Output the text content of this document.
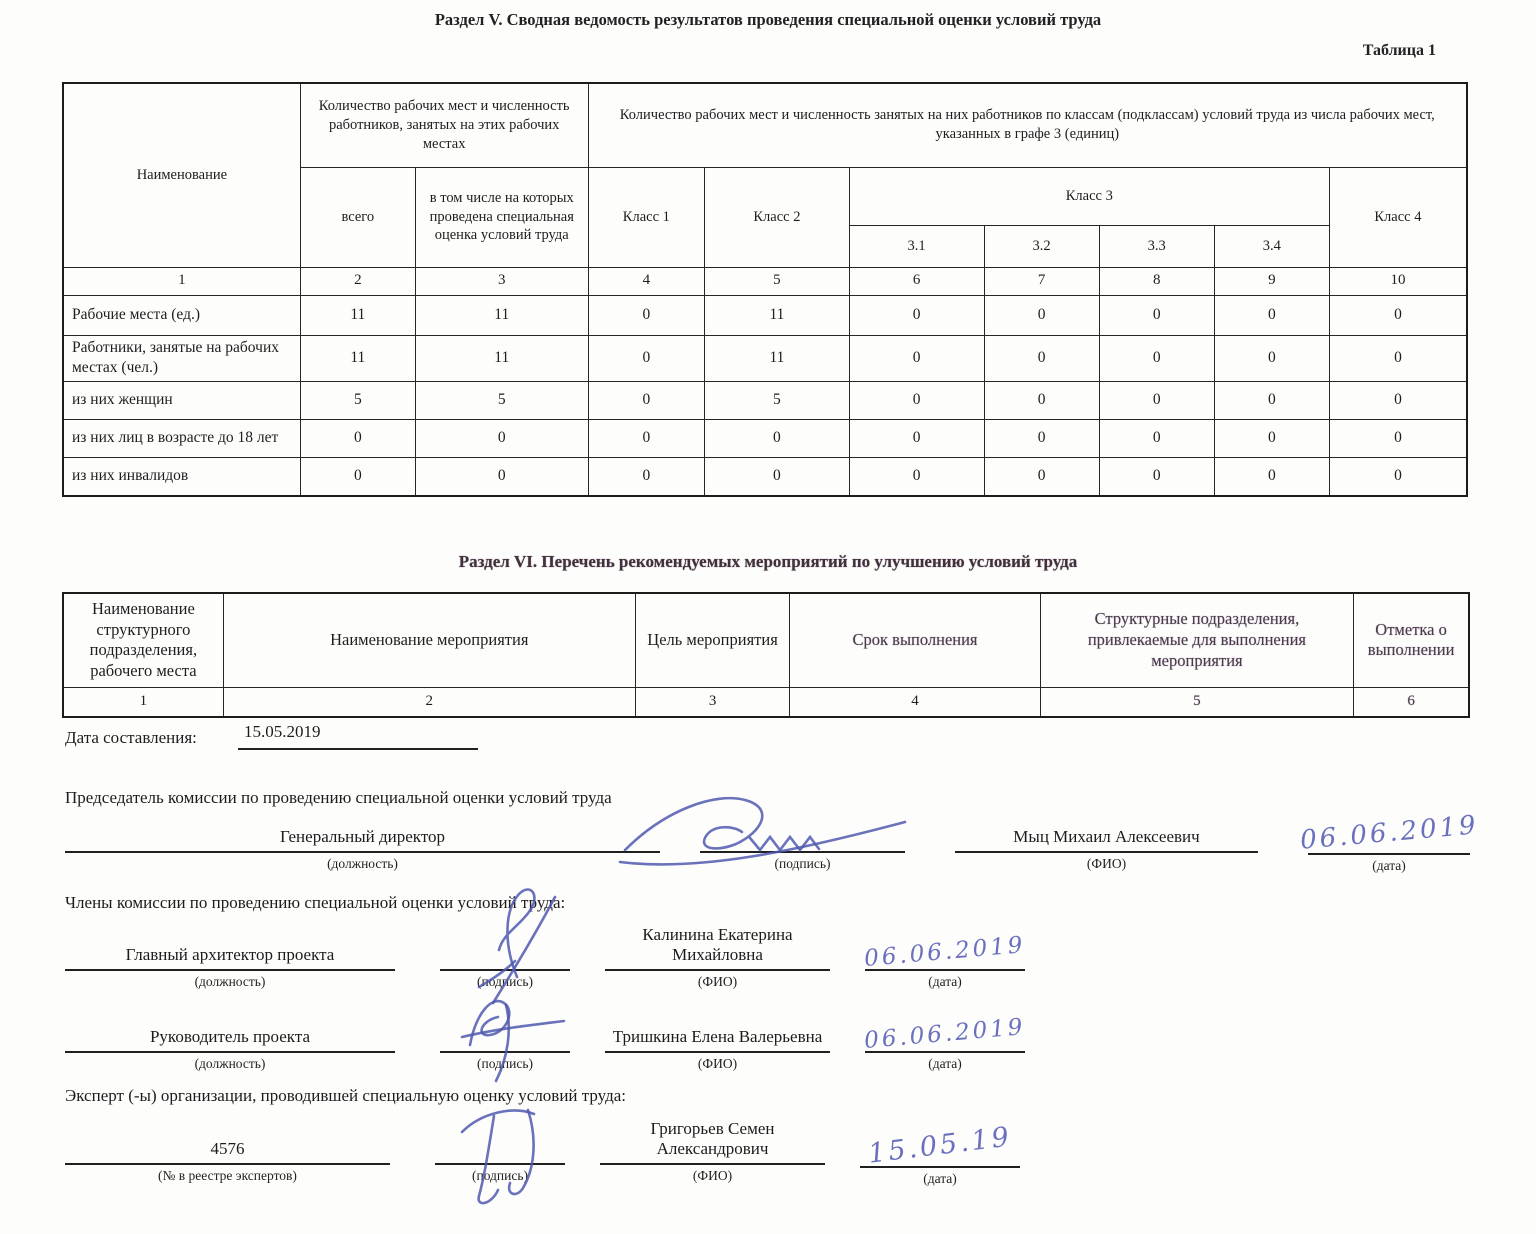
Раздел V. Сводная ведомость результатов проведения специальной оценки условий труда
Таблица 1
Наименование	Количество рабочих мест и численность работников, занятых на этих рабочих местах		Количество рабочих мест и численность занятых на них работников по классам (подклассам) условий труда из числа рабочих мест, указанных в графе 3 (единиц)						
	всего	в том числе на которых проведена специальная оценка условий труда	Класс 1	Класс 2	Класс 3				Класс 4
					3.1	3.2	3.3	3.4	
1	2	3	4	5	6	7	8	9	10
Рабочие места (ед.)	11	11	0	11	0	0	0	0	0
Работники, занятые на рабочих местах (чел.)	11	11	0	11	0	0	0	0	0
из них женщин	5	5	0	5	0	0	0	0	0
из них лиц в возрасте до 18 лет	0	0	0	0	0	0	0	0	0
из них инвалидов	0	0	0	0	0	0	0	0	0
Раздел VI. Перечень рекомендуемых мероприятий по улучшению условий труда
Наименование структурного подразделения, рабочего места	Наименование мероприятия	Цель мероприятия	Срок выполнения	Структурные подразделения, привлекаемые для выполнения мероприятия	Отметка о выполнении
1	2	3	4	5	6
Дата составления:	15.05.2019
Председатель комиссии по проведению специальной оценки условий труда
Генеральный директор
(должность)	(подпись)
Мыц Михаил Алексеевич
(ФИО)
06.06.2019
(дата)
Члены комиссии по проведению специальной оценки условий труда:
Главный архитектор проекта
(должность)	(подпись)
Калинина Екатерина Михайловна
(ФИО)
06.06.2019
(дата)
Руководитель проекта
(должность)	(подпись)
Тришкина Елена Валерьевна
(ФИО)
06.06.2019
(дата)
Эксперт (-ы) организации, проводившей специальную оценку условий труда:
4576
(№ в реестре экспертов)	(подпись)
Григорьев Семен Александрович
(ФИО)
15.05.19
(дата)
